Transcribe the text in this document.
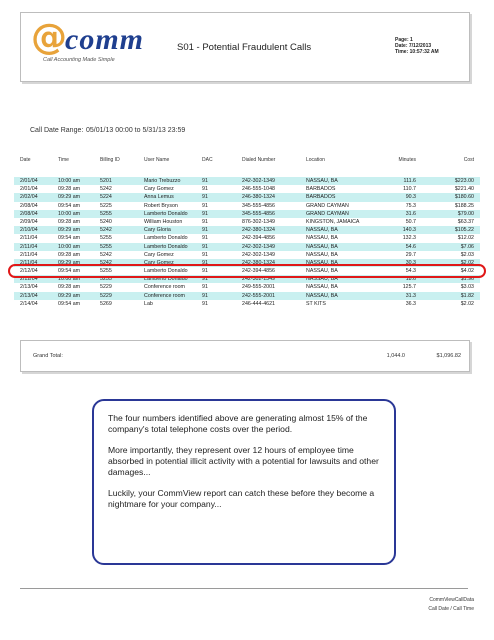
@
comm
Call Accounting Made Simple
S01 - Potential Fraudulent Calls
Page: 1
Date: 7/12/2013
Time: 10:57:32 AM
Call Date Range: 05/01/13 00:00 to 5/31/13 23:59
Date	Time	Billing ID	User Name	DAC	Dialed Number	Location	Minutes	Cost
2/01/04	10:00 am	5201	Mario Trebuzzo	91	242-302-1349	NASSAU, BA	111.6	$223.00
2/01/04	09:28 am	5242	Cary Gomez	91	246-555-1048	BARBADOS	110.7	$221.40
2/02/04	09:29 am	5224	Anna Lemus	91	246-380-1324	BARBADOS	90.3	$180.60
2/08/04	09:54 am	5225	Robert Bryson	91	345-555-4856	GRAND CAYMAN	75.3	$188.25
2/08/04	10:00 am	5255	Lamberto Donaldo	91	345-555-4856	GRAND CAYMAN	31.6	$79.00
2/09/04	09:28 am	5240	William Houston	91	876-302-1349	KINGSTON, JAMAICA	50.7	$63.37
2/10/04	09:29 am	5242	Cary Gloria	91	242-380-1324	NASSAU, BA	140.3	$105.22
2/11/04	09:54 am	5255	Lamberto Donaldo	91	242-394-4856	NASSAU, BA	132.3	$12.02
2/11/04	10:00 am	5255	Lamberto Donaldo	91	242-302-1349	NASSAU, BA	54.6	$7.06
2/11/04	09:28 am	5242	Cary Gomez	91	242-302-1349	NASSAU, BA	29.7	$2.03
2/11/04	09:29 am	5242	Cary Gomez	91	242-380-1324	NASSAU, BA	30.3	$2.02
2/12/04	09:54 am	5255	Lamberto Donaldo	91	242-394-4856	NASSAU, BA	54.3	$4.02
2/12/04	10:00 am	5255	Lamberto Donaldo	91	242-302-1349	NASSAU, BA	18.6	$1.96
2/13/04	09:28 am	5229	Conference room	91	249-555-2001	NASSAU, BA	125.7	$3.03
2/13/04	09:29 am	5229	Conference room	91	242-555-2001	NASSAU, BA	31.3	$1.82
2/14/04	09:54 am	5269	Lab	91	246-444-4621	ST KITS	36.3	$2.02
Grand Total:	1,044.0	$1,096.82

The four numbers identified above are generating almost 15% of the company's total telephone costs over the period.

More importantly, they represent over 12 hours of employee time absorbed in potential illicit activity with a potential for lawsuits and other damages...

Luckily, your CommView report can catch these before they become a nightmare for your company...

CommViewCallData
Call Date / Call Time
